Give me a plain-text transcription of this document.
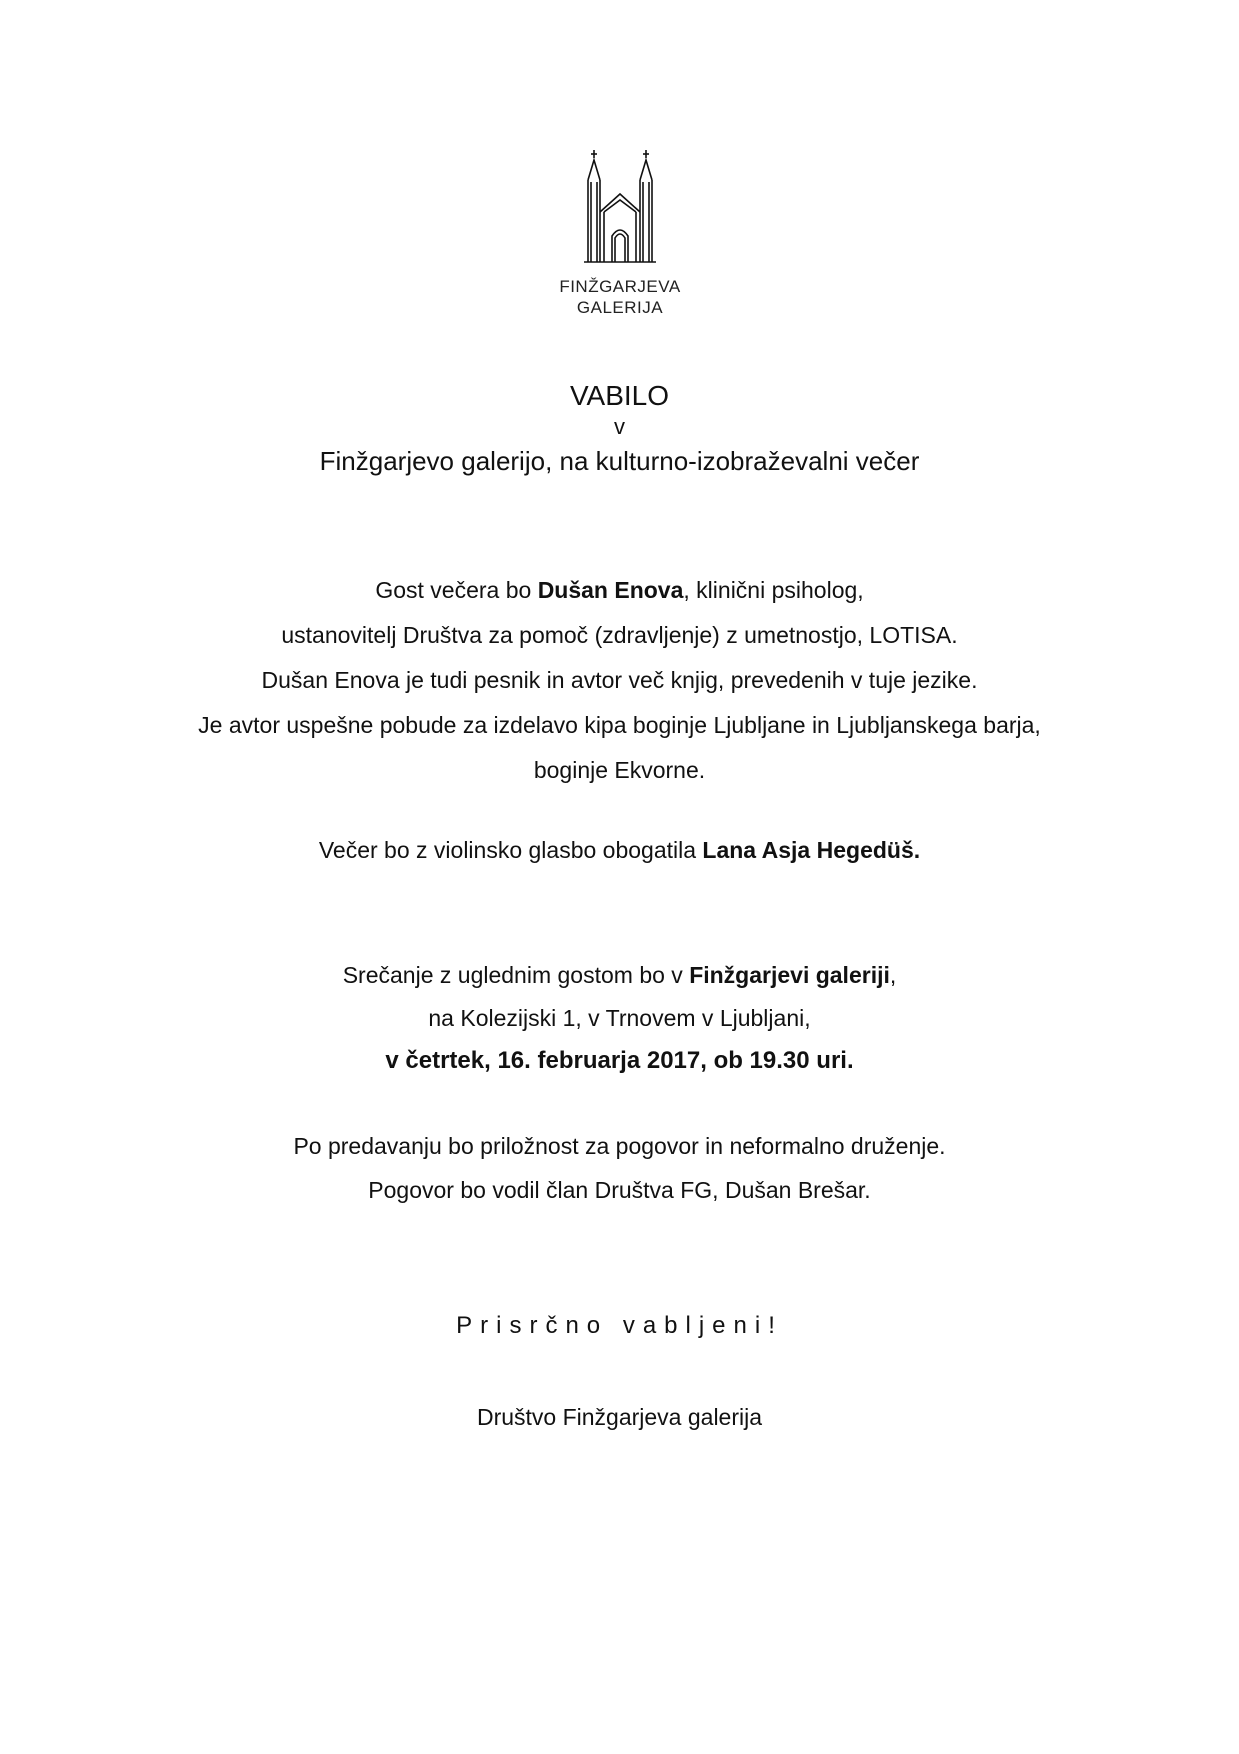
FINŽGARJEVA
GALERIJA
VABILO
v
Finžgarjevo galerijo, na kulturno-izobraževalni večer
Gost večera bo Dušan Enova, klinični psiholog,
ustanovitelj Društva za pomoč (zdravljenje) z umetnostjo, LOTISA.
Dušan Enova je tudi pesnik in avtor več knjig, prevedenih v tuje jezike.
Je avtor uspešne pobude za izdelavo kipa boginje Ljubljane in Ljubljanskega barja,
boginje Ekvorne.
Večer bo z violinsko glasbo obogatila Lana Asja Hegedüš.
Srečanje z uglednim gostom bo v Finžgarjevi galeriji,
na Kolezijski 1, v Trnovem v Ljubljani,
v četrtek, 16. februarja 2017, ob 19.30 uri.
Po predavanju bo priložnost za pogovor in neformalno druženje.
Pogovor bo vodil član Društva FG, Dušan Brešar.
Prisrčno vabljeni!
Društvo Finžgarjeva galerija
